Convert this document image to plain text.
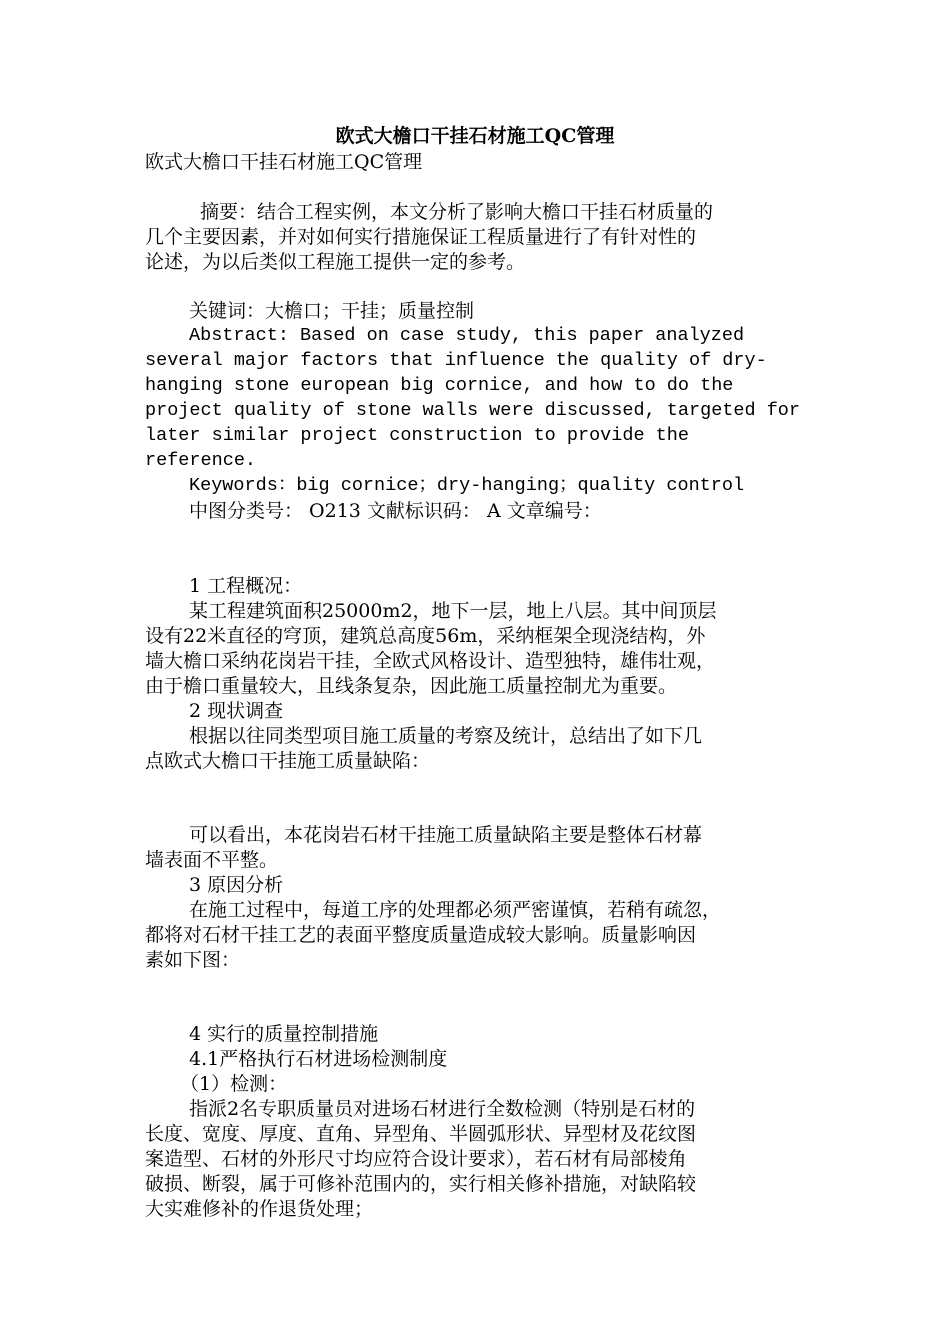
欧式大檐口干挂石材施工QC管理
欧式大檐口干挂石材施工QC管理
摘要：结合工程实例，本文分析了影响大檐口干挂石材质量的
几个主要因素，并对如何实行措施保证工程质量进行了有针对性的
论述，为以后类似工程施工提供一定的参考。
关键词：大檐口；干挂；质量控制
Abstract: Based on case study, this paper analyzed
several major factors that influence the quality of dry-
hanging stone european big cornice, and how to do the
project quality of stone walls were discussed, targeted for
later similar project construction to provide the
reference.
Keywords：big cornice；dry-hanging；quality control
中图分类号： O213 文献标识码： A 文章编号：
1 工程概况：
某工程建筑面积25000m2，地下一层，地上八层。其中间顶层
设有22米直径的穹顶，建筑总高度56m，采纳框架全现浇结构，外
墙大檐口采纳花岗岩干挂，全欧式风格设计、造型独特，雄伟壮观，
由于檐口重量较大，且线条复杂，因此施工质量控制尤为重要。
2 现状调查
根据以往同类型项目施工质量的考察及统计，总结出了如下几
点欧式大檐口干挂施工质量缺陷：
可以看出，本花岗岩石材干挂施工质量缺陷主要是整体石材幕
墙表面不平整。
3 原因分析
在施工过程中，每道工序的处理都必须严密谨慎，若稍有疏忽，
都将对石材干挂工艺的表面平整度质量造成较大影响。质量影响因
素如下图：
4 实行的质量控制措施
4.1严格执行石材进场检测制度
（1）检测：
指派2名专职质量员对进场石材进行全数检测（特别是石材的
长度、宽度、厚度、直角、异型角、半圆弧形状、异型材及花纹图
案造型、石材的外形尺寸均应符合设计要求），若石材有局部棱角
破损、断裂，属于可修补范围内的，实行相关修补措施，对缺陷较
大实难修补的作退货处理；
